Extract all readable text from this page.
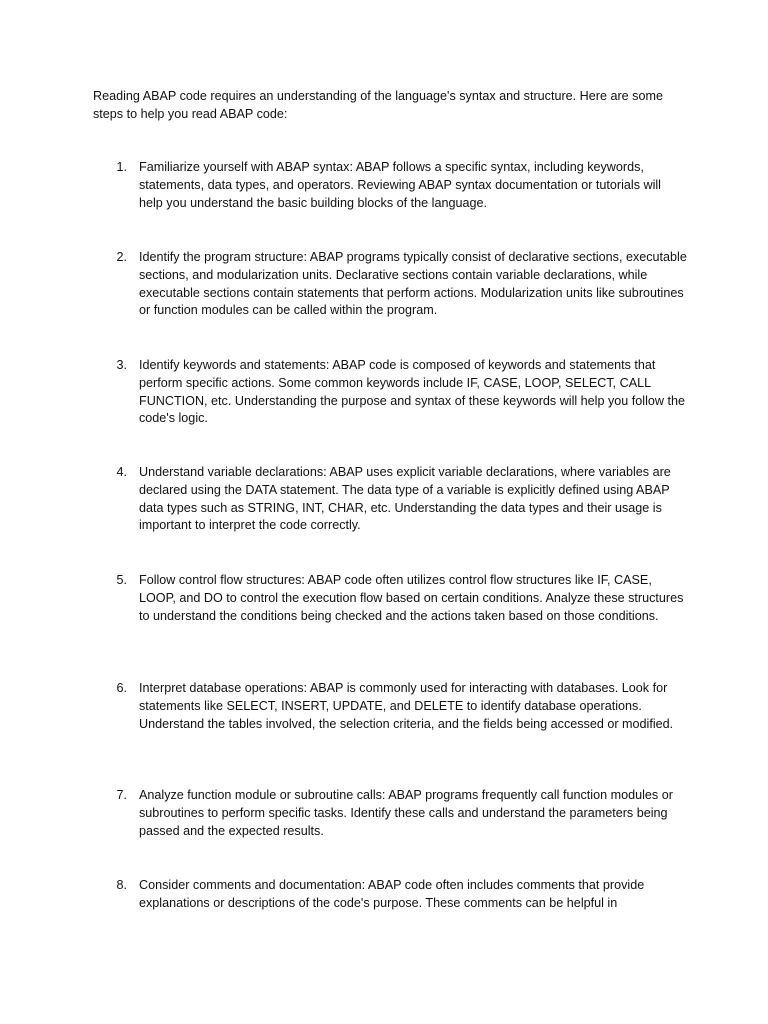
Reading ABAP code requires an understanding of the language's syntax and structure. Here are some steps to help you read ABAP code:

1. Familiarize yourself with ABAP syntax: ABAP follows a specific syntax, including keywords, statements, data types, and operators. Reviewing ABAP syntax documentation or tutorials will help you understand the basic building blocks of the language.
2. Identify the program structure: ABAP programs typically consist of declarative sections, executable sections, and modularization units. Declarative sections contain variable declarations, while executable sections contain statements that perform actions. Modularization units like subroutines or function modules can be called within the program.
3. Identify keywords and statements: ABAP code is composed of keywords and statements that perform specific actions. Some common keywords include IF, CASE, LOOP, SELECT, CALL FUNCTION, etc. Understanding the purpose and syntax of these keywords will help you follow the code's logic.
4. Understand variable declarations: ABAP uses explicit variable declarations, where variables are declared using the DATA statement. The data type of a variable is explicitly defined using ABAP data types such as STRING, INT, CHAR, etc. Understanding the data types and their usage is important to interpret the code correctly.
5. Follow control flow structures: ABAP code often utilizes control flow structures like IF, CASE, LOOP, and DO to control the execution flow based on certain conditions. Analyze these structures to understand the conditions being checked and the actions taken based on those conditions.
6. Interpret database operations: ABAP is commonly used for interacting with databases. Look for statements like SELECT, INSERT, UPDATE, and DELETE to identify database operations. Understand the tables involved, the selection criteria, and the fields being accessed or modified.
7. Analyze function module or subroutine calls: ABAP programs frequently call function modules or subroutines to perform specific tasks. Identify these calls and understand the parameters being passed and the expected results.
8. Consider comments and documentation: ABAP code often includes comments that provide explanations or descriptions of the code's purpose. These comments can be helpful in
